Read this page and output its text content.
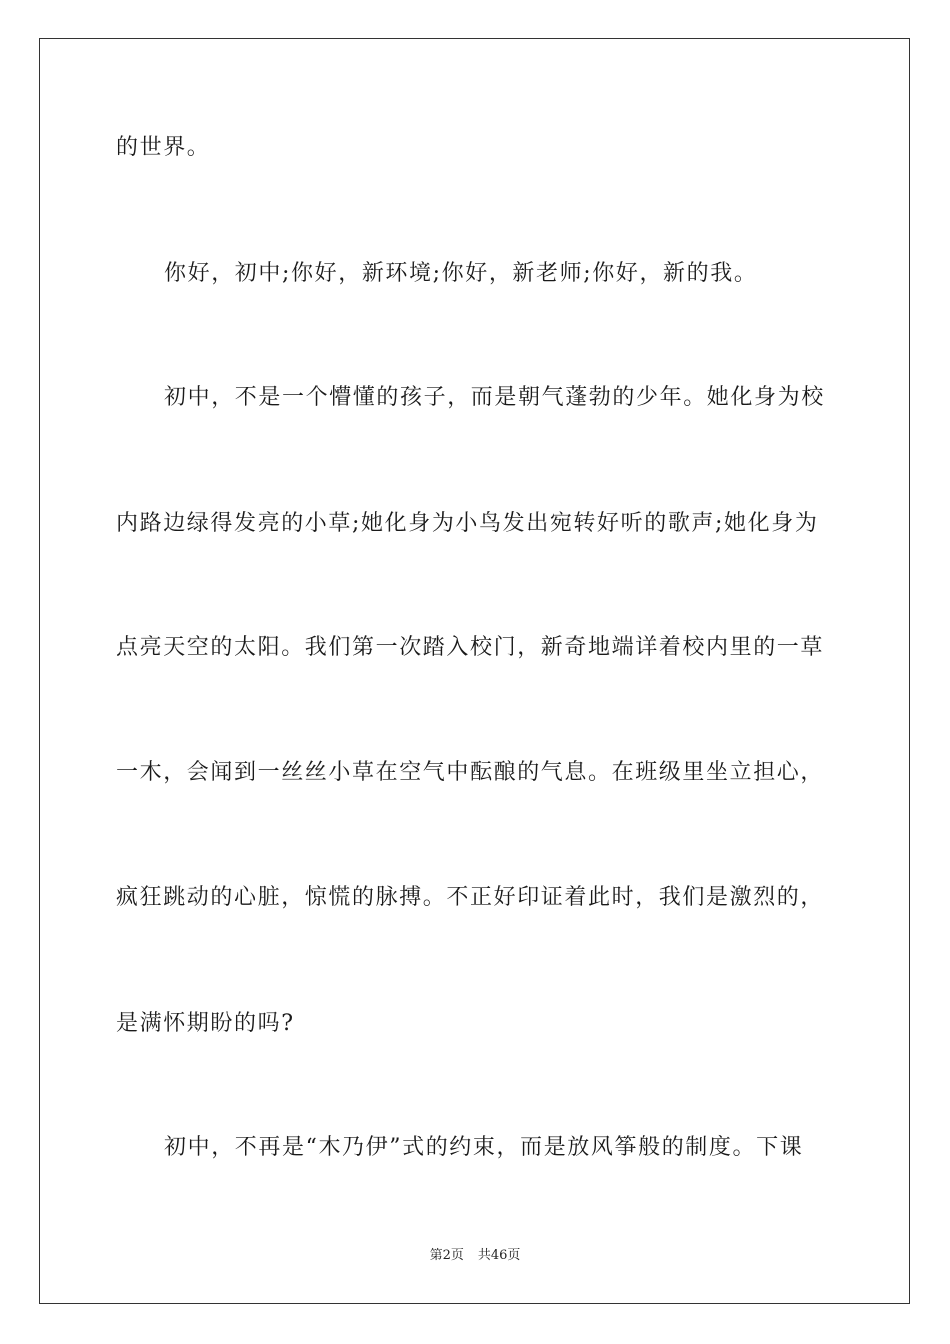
的世界。
你好，初中;你好，新环境;你好，新老师;你好，新的我。
初中，不是一个懵懂的孩子，而是朝气蓬勃的少年。她化身为校
内路边绿得发亮的小草;她化身为小鸟发出宛转好听的歌声;她化身为
点亮天空的太阳。我们第一次踏入校门，新奇地端详着校内里的一草
一木，会闻到一丝丝小草在空气中酝酿的气息。在班级里坐立担心，
疯狂跳动的心脏，惊慌的脉搏。不正好印证着此时，我们是激烈的，
是满怀期盼的吗?
初中，不再是“木乃伊”式的约束，而是放风筝般的制度。下课
第2页 共46页
